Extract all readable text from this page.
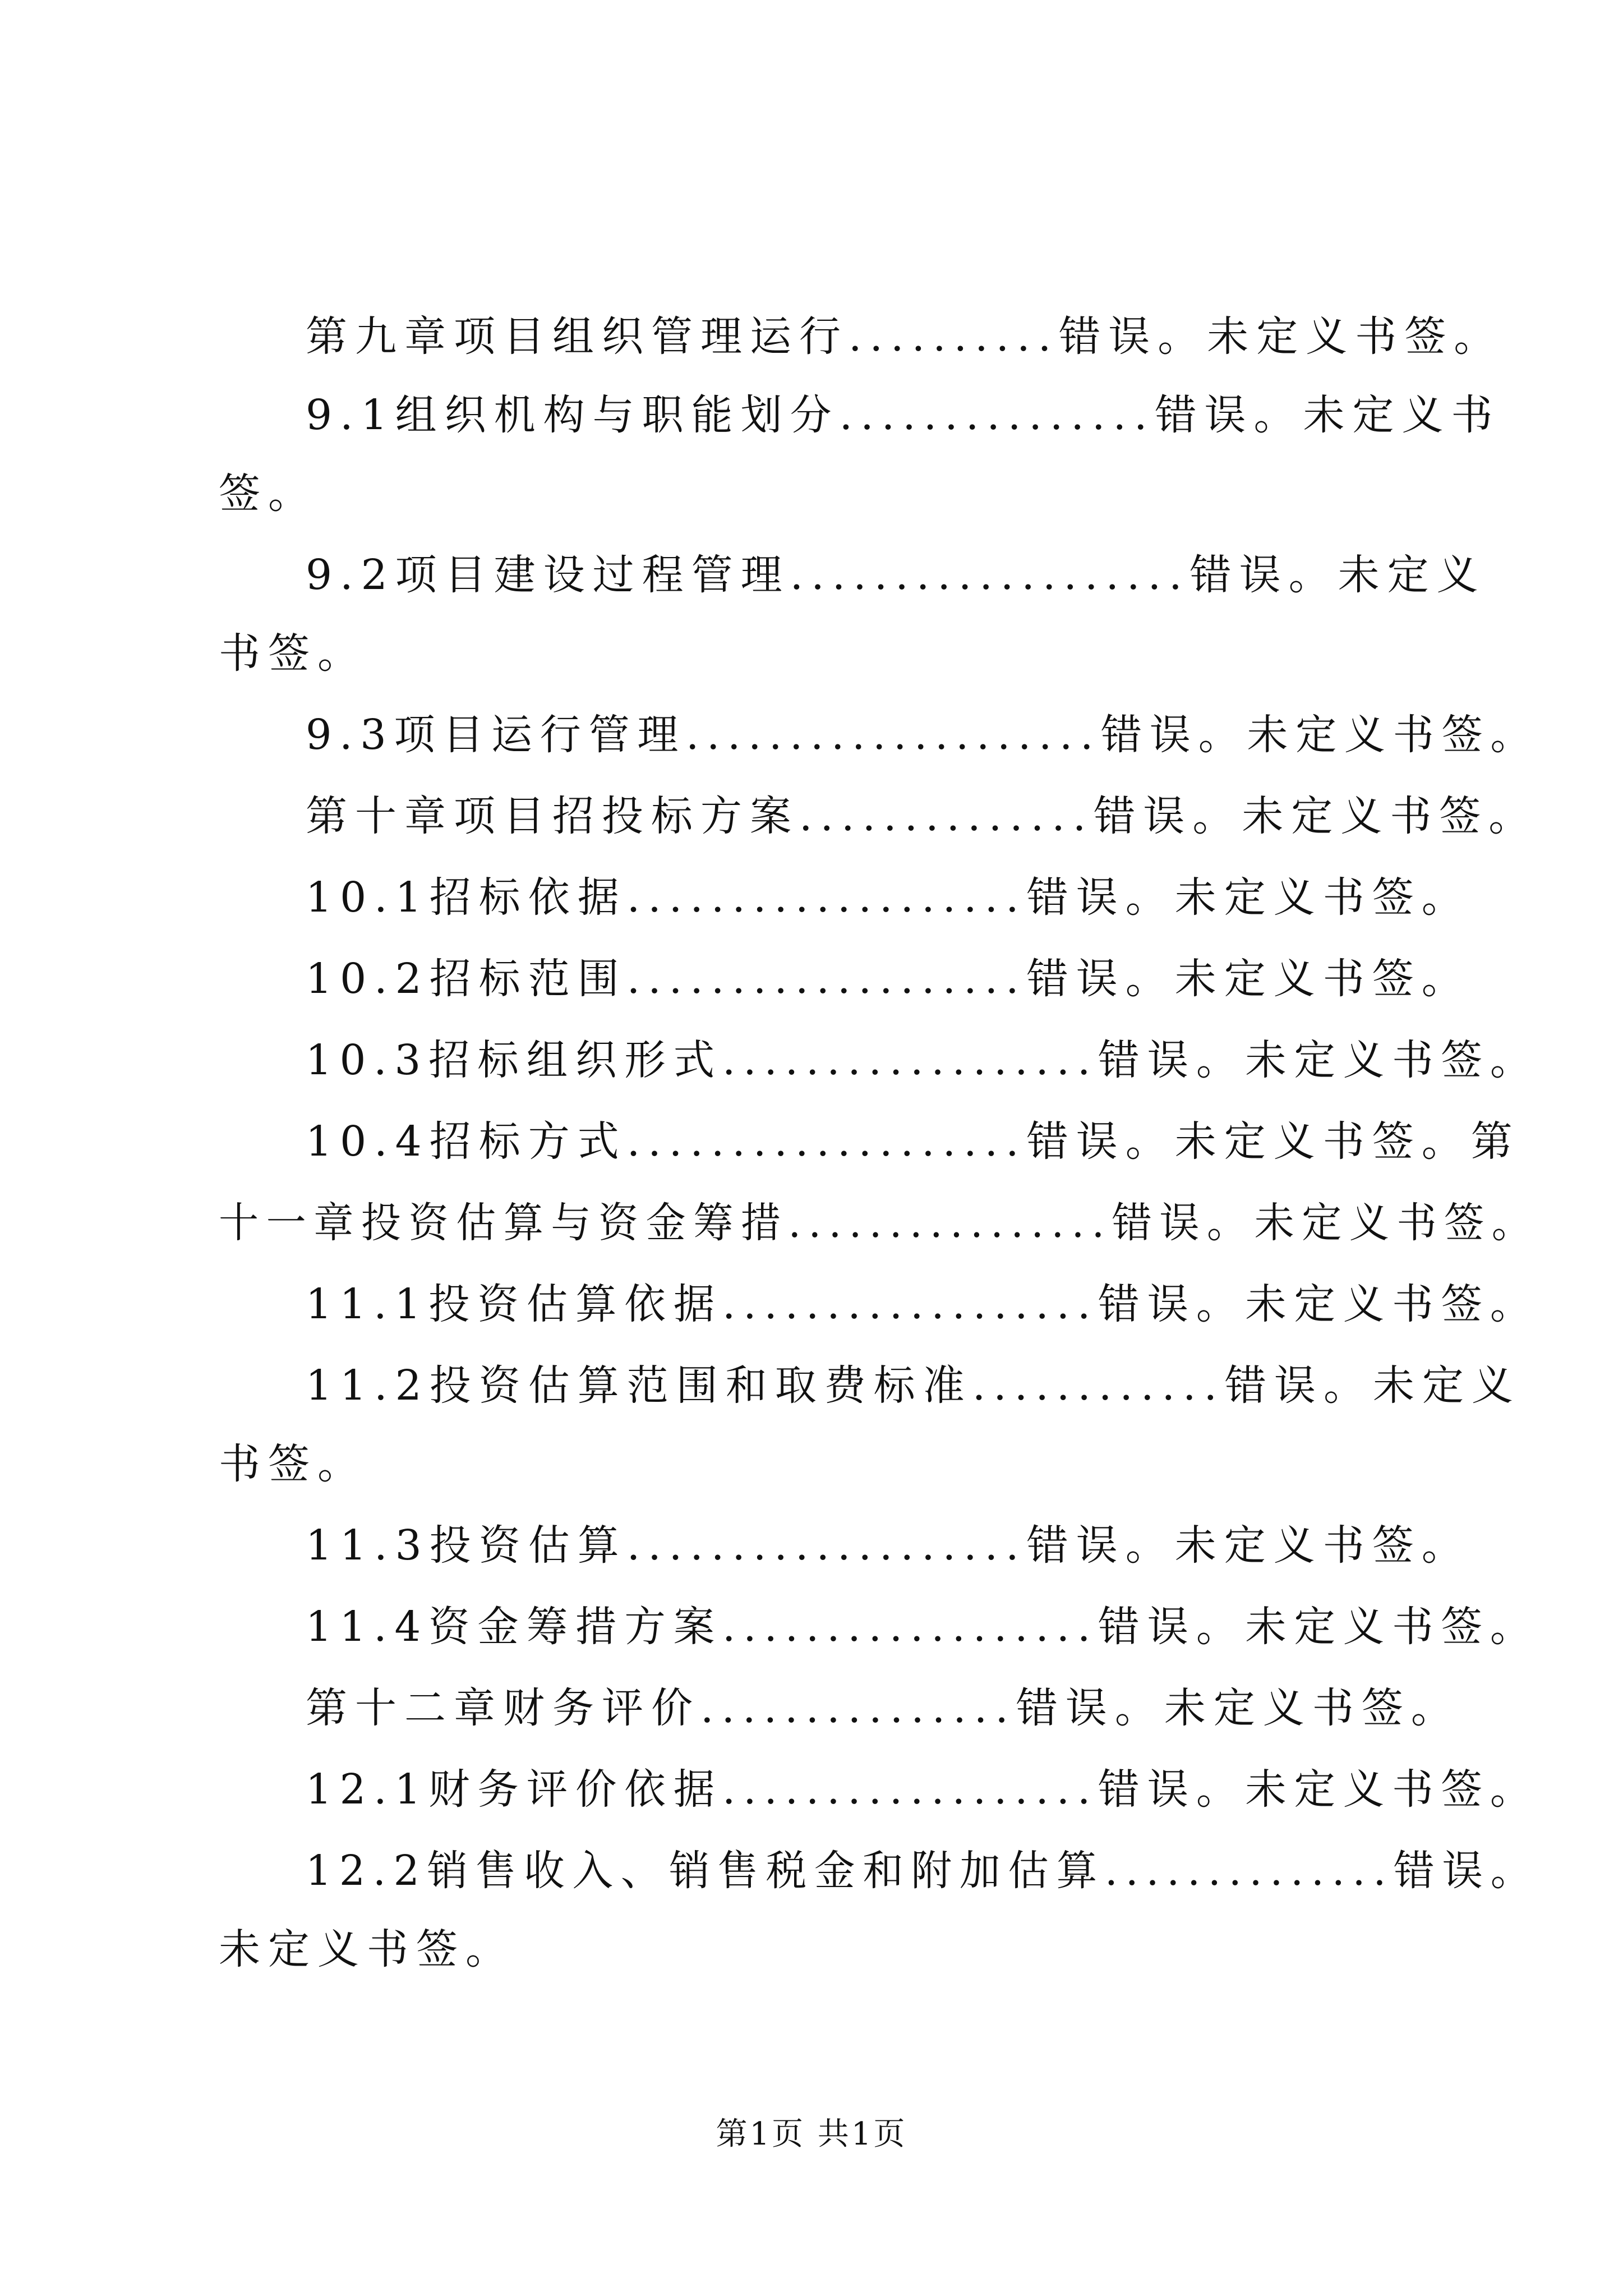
第九章项目组织管理运行..........错误。未定义书签。

9.1组织机构与职能划分...............错误。未定义书

签。

9.2项目建设过程管理...................错误。未定义

书签。

9.3项目运行管理....................错误。未定义书签。

第十章项目招投标方案..............错误。未定义书签。

10.1招标依据...................错误。未定义书签。

10.2招标范围...................错误。未定义书签。

10.3招标组织形式..................错误。未定义书签。

10.4招标方式...................错误。未定义书签。第

十一章投资估算与资金筹措................错误。未定义书签。

11.1投资估算依据..................错误。未定义书签。

11.2投资估算范围和取费标准............错误。未定义

书签。

11.3投资估算...................错误。未定义书签。

11.4资金筹措方案..................错误。未定义书签。

第十二章财务评价...............错误。未定义书签。

12.1财务评价依据..................错误。未定义书签。

12.2销售收入、销售税金和附加估算..............错误。

未定义书签。

第1页 共1页
